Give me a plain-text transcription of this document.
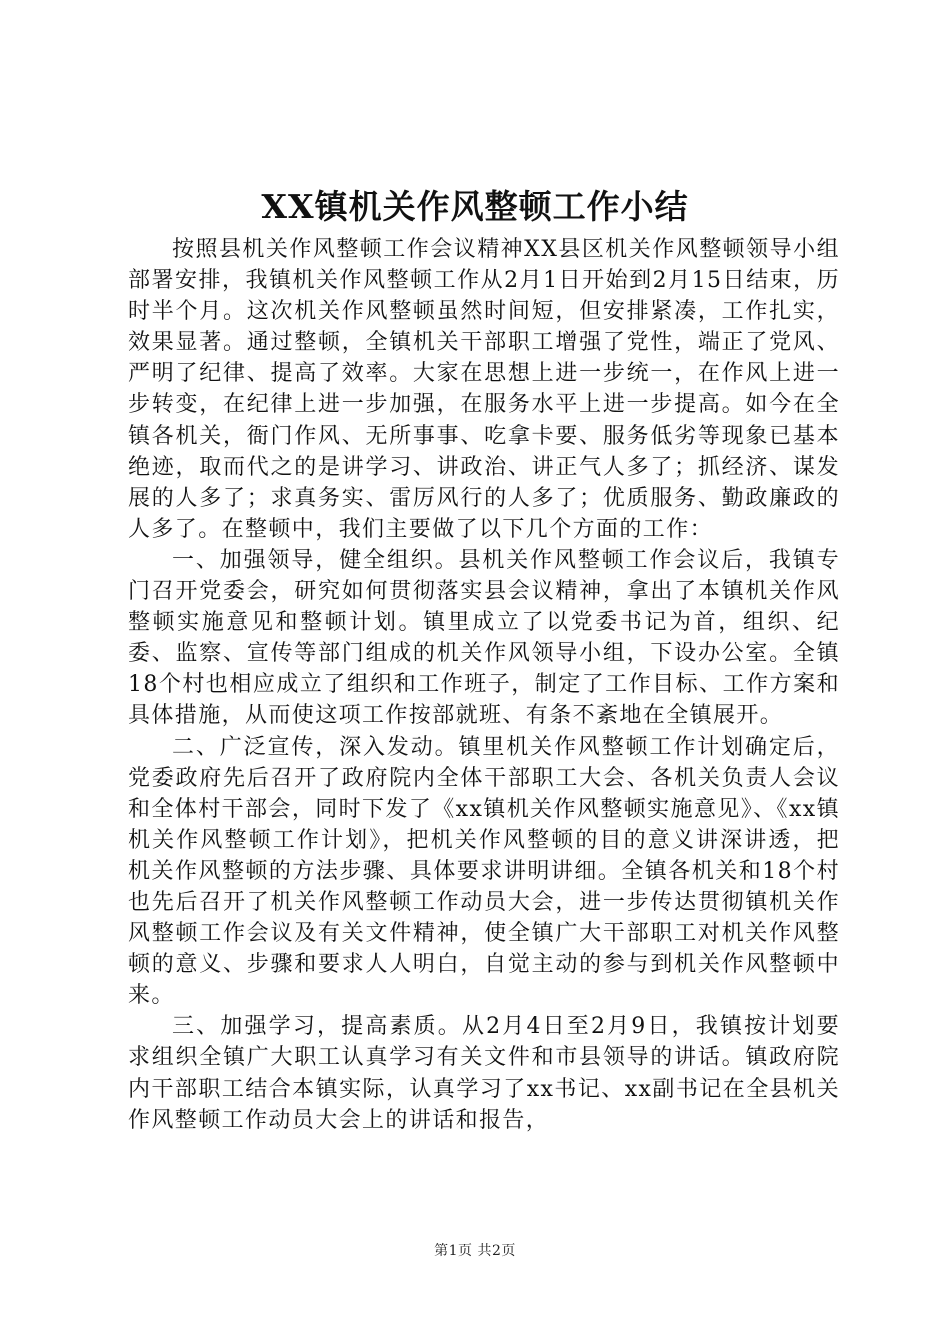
XX镇机关作风整顿工作小结

按照县机关作风整顿工作会议精神XX县区机关作风整顿领导小组部署安排，我镇机关作风整顿工作从2月1日开始到2月15日结束，历时半个月。这次机关作风整顿虽然时间短，但安排紧凑，工作扎实，效果显著。通过整顿，全镇机关干部职工增强了党性，端正了党风、严明了纪律、提高了效率。大家在思想上进一步统一，在作风上进一步转变，在纪律上进一步加强，在服务水平上进一步提高。如今在全镇各机关，衙门作风、无所事事、吃拿卡要、服务低劣等现象已基本绝迹，取而代之的是讲学习、讲政治、讲正气人多了；抓经济、谋发展的人多了；求真务实、雷厉风行的人多了；优质服务、勤政廉政的人多了。在整顿中，我们主要做了以下几个方面的工作：

一、加强领导，健全组织。县机关作风整顿工作会议后，我镇专门召开党委会，研究如何贯彻落实县会议精神，拿出了本镇机关作风整顿实施意见和整顿计划。镇里成立了以党委书记为首，组织、纪委、监察、宣传等部门组成的机关作风领导小组，下设办公室。全镇18个村也相应成立了组织和工作班子，制定了工作目标、工作方案和具体措施，从而使这项工作按部就班、有条不紊地在全镇展开。

二、广泛宣传，深入发动。镇里机关作风整顿工作计划确定后，党委政府先后召开了政府院内全体干部职工大会、各机关负责人会议和全体村干部会，同时下发了《xx镇机关作风整顿实施意见》、《xx镇机关作风整顿工作计划》，把机关作风整顿的目的意义讲深讲透，把机关作风整顿的方法步骤、具体要求讲明讲细。全镇各机关和18个村也先后召开了机关作风整顿工作动员大会，进一步传达贯彻镇机关作风整顿工作会议及有关文件精神，使全镇广大干部职工对机关作风整顿的意义、步骤和要求人人明白，自觉主动的参与到机关作风整顿中来。

三、加强学习，提高素质。从2月4日至2月9日，我镇按计划要求组织全镇广大职工认真学习有关文件和市县领导的讲话。镇政府院内干部职工结合本镇实际，认真学习了xx书记、xx副书记在全县机关作风整顿工作动员大会上的讲话和报告，

第1页 共2页
